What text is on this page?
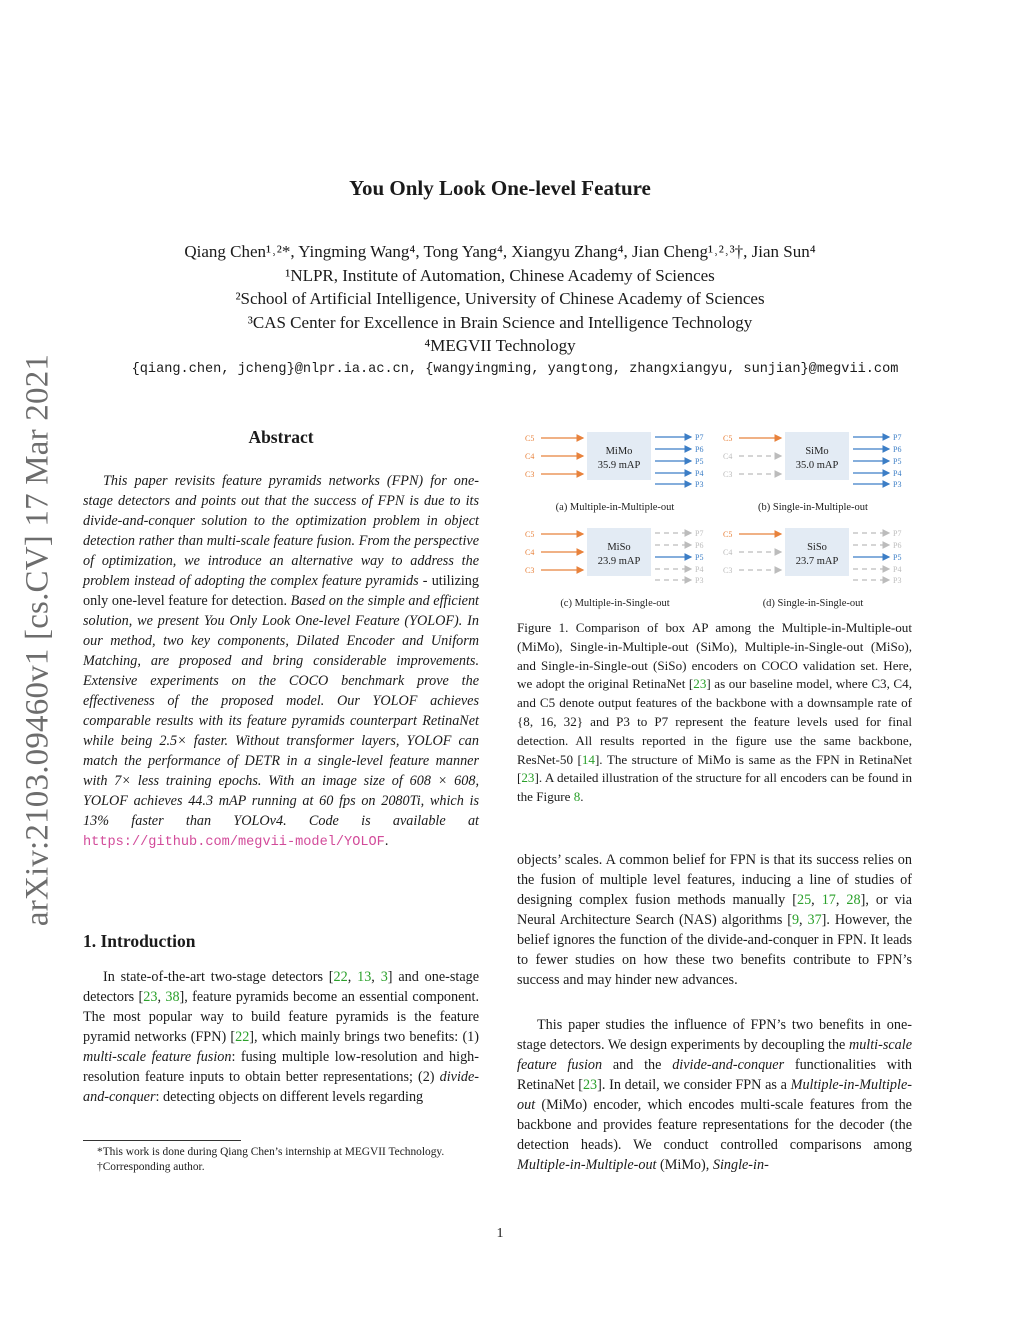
You Only Look One-level Feature
Qiang Chen¹˒²*, Yingming Wang⁴, Tong Yang⁴, Xiangyu Zhang⁴, Jian Cheng¹˒²˒³†, Jian Sun⁴
¹NLPR, Institute of Automation, Chinese Academy of Sciences
²School of Artificial Intelligence, University of Chinese Academy of Sciences
³CAS Center for Excellence in Brain Science and Intelligence Technology
⁴MEGVII Technology
{qiang.chen, jcheng}@nlpr.ia.ac.cn, {wangyingming, yangtong, zhangxiangyu, sunjian}@megvii.com
arXiv:2103.09460v1 [cs.CV] 17 Mar 2021	Abstract

This paper revisits feature pyramids networks (FPN) for one-stage detectors and points out that the success of FPN is due to its divide-and-conquer solution to the optimization problem in object detection rather than multi-scale feature fusion. From the perspective of optimization, we introduce an alternative way to address the problem instead of adopting the complex feature pyramids - utilizing only one-level feature for detection. Based on the simple and efficient solution, we present You Only Look One-level Feature (YOLOF). In our method, two key components, Dilated Encoder and Uniform Matching, are proposed and bring considerable improvements. Extensive experiments on the COCO benchmark prove the effectiveness of the proposed model. Our YOLOF achieves comparable results with its feature pyramids counterpart RetinaNet while being 2.5× faster. Without transformer layers, YOLOF can match the performance of DETR in a single-level feature manner with 7× less training epochs. With an image size of 608 × 608, YOLOF achieves 44.3 mAP running at 60 fps on 2080Ti, which is 13% faster than YOLOv4. Code is available at https://github.com/megvii-model/YOLOF.

1. Introduction

In state-of-the-art two-stage detectors [22, 13, 3] and one-stage detectors [23, 38], feature pyramids become an essential component. The most popular way to build feature pyramids is the feature pyramid networks (FPN) [22], which mainly brings two benefits: (1) multi-scale feature fusion: fusing multiple low-resolution and high-resolution feature inputs to obtain better representations; (2) divide-and-conquer: detecting objects on different levels regarding

*This work is done during Qiang Chen’s internship at MEGVII Technology.

†Corresponding author.

MiMo
35.9 mAP
C5
C4
C3
P7
P6
P5
P4
P3
(a) Multiple-in-Multiple-out
SiMo
35.0 mAP
C5
C4
C3
P7
P6
P5
P4
P3
(b) Single-in-Multiple-out
MiSo
23.9 mAP
C5
C4
C3
P7
P6
P5
P4
P3
(c) Multiple-in-Single-out
SiSo
23.7 mAP
C5
C4
C3
P7
P6
P5
P4
P3
(d) Single-in-Single-out

Figure 1. Comparison of box AP among the Multiple-in-Multiple-out (MiMo), Single-in-Multiple-out (SiMo), Multiple-in-Single-out (MiSo), and Single-in-Single-out (SiSo) encoders on COCO validation set. Here, we adopt the original RetinaNet [23] as our baseline model, where C3, C4, and C5 denote output features of the backbone with a downsample rate of {8, 16, 32} and P3 to P7 represent the feature levels used for final detection. All results reported in the figure use the same backbone, ResNet-50 [14]. The structure of MiMo is same as the FPN in RetinaNet [23]. A detailed illustration of the structure for all encoders can be found in the Figure 8.

objects’ scales. A common belief for FPN is that its success relies on the fusion of multiple level features, inducing a line of studies of designing complex fusion methods manually [25, 17, 28], or via Neural Architecture Search (NAS) algorithms [9, 37]. However, the belief ignores the function of the divide-and-conquer in FPN. It leads to fewer studies on how these two benefits contribute to FPN’s success and may hinder new advances.

This paper studies the influence of FPN’s two benefits in one-stage detectors. We design experiments by decoupling the multi-scale feature fusion and the divide-and-conquer functionalities with RetinaNet [23]. In detail, we consider FPN as a Multiple-in-Multiple-out (MiMo) encoder, which encodes multi-scale features from the backbone and provides feature representations for the decoder (the detection heads). We conduct controlled comparisons among Multiple-in-Multiple-out (MiMo), Single-in-

1
